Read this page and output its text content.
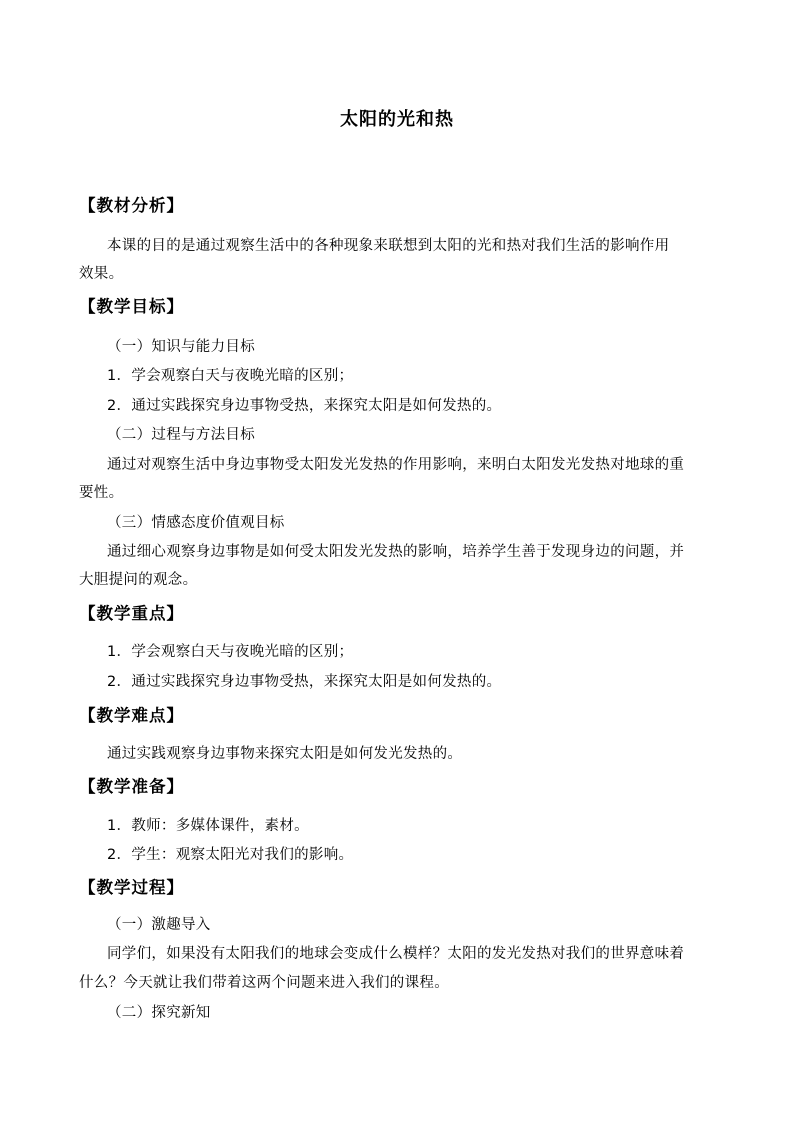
太阳的光和热
【教材分析】
本课的目的是通过观察生活中的各种现象来联想到太阳的光和热对我们生活的影响作用
效果。
【教学目标】
（一）知识与能力目标
1．学会观察白天与夜晚光暗的区别；
2．通过实践探究身边事物受热，来探究太阳是如何发热的。
（二）过程与方法目标
通过对观察生活中身边事物受太阳发光发热的作用影响，来明白太阳发光发热对地球的重
要性。
（三）情感态度价值观目标
通过细心观察身边事物是如何受太阳发光发热的影响，培养学生善于发现身边的问题，并
大胆提问的观念。
【教学重点】
1．学会观察白天与夜晚光暗的区别；
2．通过实践探究身边事物受热，来探究太阳是如何发热的。
【教学难点】
通过实践观察身边事物来探究太阳是如何发光发热的。
【教学准备】
1．教师：多媒体课件，素材。
2．学生：观察太阳光对我们的影响。
【教学过程】
（一）激趣导入
同学们，如果没有太阳我们的地球会变成什么模样？太阳的发光发热对我们的世界意味着
什么？今天就让我们带着这两个问题来进入我们的课程。
（二）探究新知
